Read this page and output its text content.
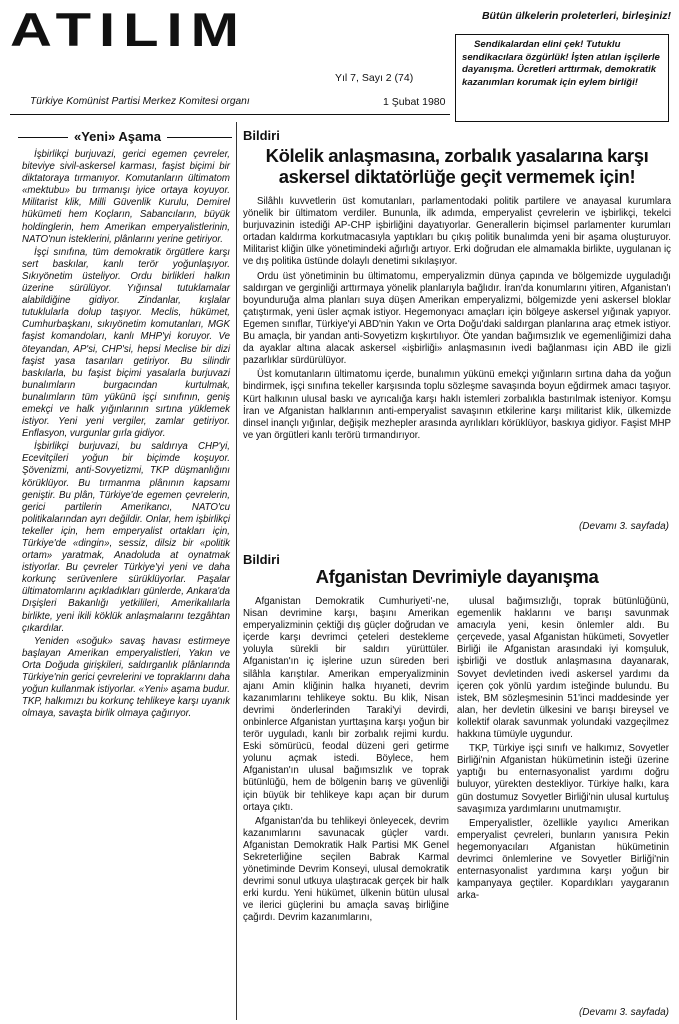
ATILIM	Bütün ülkelerin proleterleri, birleşiniz!
Sendikalardan elini çek! Tutuklu sendikacılara özgürlük! İşten atılan işçilerle dayanışma. Ücretleri arttırmak, demokratik kazanımları korumak için eylem birliği!
Yıl 7, Sayı 2 (74)
Türkiye Komünist Partisi Merkez Komitesi organı	1 Şubat 1980
«Yeni» Aşama

İşbirlikçi burjuvazi, gerici egemen çevreler, biteviye sivil-askersel karması, faşist biçimi bir diktatoraya tırmanıyor. Komutanların ültimatom «mektubu» bu tırmanışı iyice ortaya koyuyor. Militarist klik, Milli Güvenlik Kurulu, Demirel hükümeti hem Koçların, Sabancıların, büyük holdinglerin, hem Amerikan emperyalistlerinin, NATO'nun isteklerini, plânlarını yerine getiriyor.

İşçi sınıfına, tüm demokratik örgütlere karşı sert baskılar, kanlı terör yoğunlaşıyor. Sıkıyönetim üsteliyor. Ordu birlikleri halkın üzerine sürülüyor. Yığınsal tutuklamalar alabildiğine gidiyor. Zindanlar, kışlalar tutuklularla dolup taşıyor. Meclis, hükümet, Cumhurbaşkanı, sıkıyönetim komutanları, MGK faşist komandoları, kanlı MHP'yi koruyor. Ve öteyandan, AP'si, CHP'si, hepsi Meclise bir dizi faşist yasa tasarıları getiriyor. Bu silindir baskılarla, bu faşist biçimi yasalarla burjuvazi bunalımların burgacından kurtulmak, bunalımların tüm yükünü işçi sınıfının, geniş emekçi ve halk yığınlarının sırtına yüklemek istiyor. Yeni yeni vergiler, zamlar getiriyor. Enflasyon, vurgunlar gırla gidiyor.

İşbirlikçi burjuvazi, bu saldırıya CHP'yi, Ecevitçileri yoğun bir biçimde koşuyor. Şövenizmi, anti-Sovyetizmi, TKP düşmanlığını körüklüyor. Bu tırmanma plânının kapsamı geniştir. Bu plân, Türkiye'de egemen çevrelerin, gerici partilerin Amerikancı, NATO'cu politikalarından ayrı değildir. Onlar, hem işbirlikçi tekeller için, hem emperyalist ortakları için, Türkiye'de «dingin», sessiz, dilsiz bir «politik ortam» yaratmak, Anadoluda at oynatmak istiyorlar. Bu çevreler Türkiye'yi yeni ve daha korkunç serüvenlere sürüklüyorlar. Paşalar ültimatomlarını açıkladıkları günlerde, Ankara'da Dışişleri Bakanlığı yetkilileri, Amerikalılarla birlikte, yeni ikili köklük anlaşmalarını tezgâhtan çıkardılar.

Yeniden «soğuk» savaş havası estirmeye başlayan Amerikan emperyalistleri, Yakın ve Orta Doğuda girişkileri, saldırganlık plânlarında Türkiye'nin gerici çevrelerini ve topraklarını daha yoğun kullanmak istiyorlar. «Yeni» aşama budur. TKP, halkımızı bu korkunç tehlikeye karşı uyanık olmaya, savaşta birlik olmaya çağırıyor.

Bildiri
Kölelik anlaşmasına, zorbalık yasalarına karşı askersel diktatörlüğe geçit vermemek için!

Silâhlı kuvvetlerin üst komutanları, parlamentodaki politik partilere ve anayasal kurumlara yönelik bir ültimatom verdiler. Bununla, ilk adımda, emperyalist çevrelerin ve işbirlikçi, tekelci burjuvazinin istediği AP-CHP işbirliğini dayatıyorlar. Generallerin biçimsel parlamenter kurumları ortadan kaldırma korkutmacasıyla yaptıkları bu çıkış politik bunalımda yeni bir aşama oluşturuyor. Militarist kliğin ülke yönetimindeki ağırlığı artıyor. Erki doğrudan ele almamakla birlikte, uygulanan iç ve dış politika üstünde dolaylı denetimi sıkılaşıyor.

Ordu üst yönetiminin bu ültimatomu, emperyalizmin dünya çapında ve bölgemizde uyguladığı saldırgan ve gerginliği arttırmaya yönelik planlarıyla bağlıdır. İran'da konumlarını yitiren, Afganistan'ı boyunduruğa alma planları suya düşen Amerikan emperyalizmi, bölgemizde yeni askersel bloklar çatıştırmak, yeni üsler açmak istiyor. Hegemonyacı amaçları için bölgeye askersel yığınak yapıyor. Egemen sınıflar, Türkiye'yi ABD'nin Yakın ve Orta Doğu'daki saldırgan planlarına araç etmek istiyor. Bu amaçla, bir yandan anti-Sovyetizm kışkırtılıyor. Öte yandan bağımsızlık ve egemenliğimizi daha da ayaklar altına alacak askersel «işbirliği» anlaşmasının ivedi bağlanması için ABD ile gizli pazarlıklar sürdürülüyor.

Üst komutanların ültimatomu içerde, bunalımın yükünü emekçi yığınların sırtına daha da yoğun bindirmek, işçi sınıfına tekeller karşısında toplu sözleşme savaşında boyun eğdirmek amacı taşıyor. Kürt halkının ulusal baskı ve ayrıcalığa karşı haklı istemleri zorbalıkla bastırılmak isteniyor. Komşu İran ve Afganistan halklarının anti-emperyalist savaşının etkilerine karşı militarist klik, ülkemizde dinsel inançlı yığınlar, değişik mezhepler arasında ayrılıkları körüklüyor, baskıya gidiyor. Faşist MHP ve yan örgütleri kanlı terörü tırmandırıyor.

(Devamı 3. sayfada)
Bildiri
Afganistan Devrimiyle dayanışma

Afganistan Demokratik Cumhuriyeti'-ne, Nisan devrimine karşı, başını Amerikan emperyalizminin çektiği dış güçler doğrudan ve içerde karşı devrimci çeteleri destekleme yoluyla sürekli bir saldırı yürüttüler. Afganistan'ın iç işlerine uzun süreden beri silâhla karıştılar. Amerikan emperyalizminin ajanı Amin kliğinin halka hıyaneti, devrim kazanımlarını tehlikeye soktu. Bu klik, Nisan devrimi önderlerinden Taraki'yi devirdi, onbinlerce Afganistan yurttaşına karşı yoğun bir terör uyguladı, kanlı bir zorbalık rejimi kurdu. Eski sömürücü, feodal düzeni geri getirme yolunu açmak istedi. Böylece, hem Afganistan'ın ulusal bağımsızlık ve toprak bütünlüğü, hem de bölgenin barış ve güvenliği için büyük bir tehlikeye kapı açan bir durum ortaya çıktı.

Afganistan'da bu tehlikeyi önleyecek, devrim kazanımlarını savunacak güçler vardı. Afganistan Demokratik Halk Partisi MK Genel Sekreterliğine seçilen Babrak Karmal yönetiminde Devrim Konseyi, ulusal demokratik devrimi sonul utkuya ulaştıracak gerçek bir halk erki kurdu. Yeni hükümet, ülkenin bütün ulusal ve ilerici güçlerini bu amaçla savaş birliğine çağırdı. Devrim kazanımlarını,

ulusal bağımsızlığı, toprak bütünlüğünü, egemenlik haklarını ve barışı savunmak amacıyla yeni, kesin önlemler aldı. Bu çerçevede, yasal Afganistan hükümeti, Sovyetler Birliği ile Afganistan arasındaki iyi komşuluk, işbirliği ve dostluk anlaşmasına dayanarak, Sovyet devletinden ivedi askersel yardımı da içeren çok yönlü yardım isteğinde bulundu. Bu istek, BM sözleşmesinin 51'inci maddesinde yer alan, her devletin ülkesini ve barışı bireysel ve kollektif olarak savunmak yolundaki vazgeçilmez hakkına tümüyle uygundur.

TKP, Türkiye işçi sınıfı ve halkımız, Sovyetler Birliği'nin Afganistan hükümetinin isteği üzerine yaptığı bu enternasyonalist yardımı doğru buluyor, yürekten destekliyor. Türkiye halkı, kara gün dostumuz Sovyetler Birliği'nin ulusal kurtuluş savaşımıza yardımlarını unutmamıştır.

Emperyalistler, özellikle yayılıcı Amerikan emperyalist çevreleri, bunların yanısıra Pekin hegemonyacıları Afganistan hükümetinin devrimci önlemlerine ve Sovyetler Birliği'nin enternasyonalist yardımına karşı yoğun bir kampanyaya geçtiler. Kopardıkları yaygaranın arka-

(Devamı 3. sayfada)
